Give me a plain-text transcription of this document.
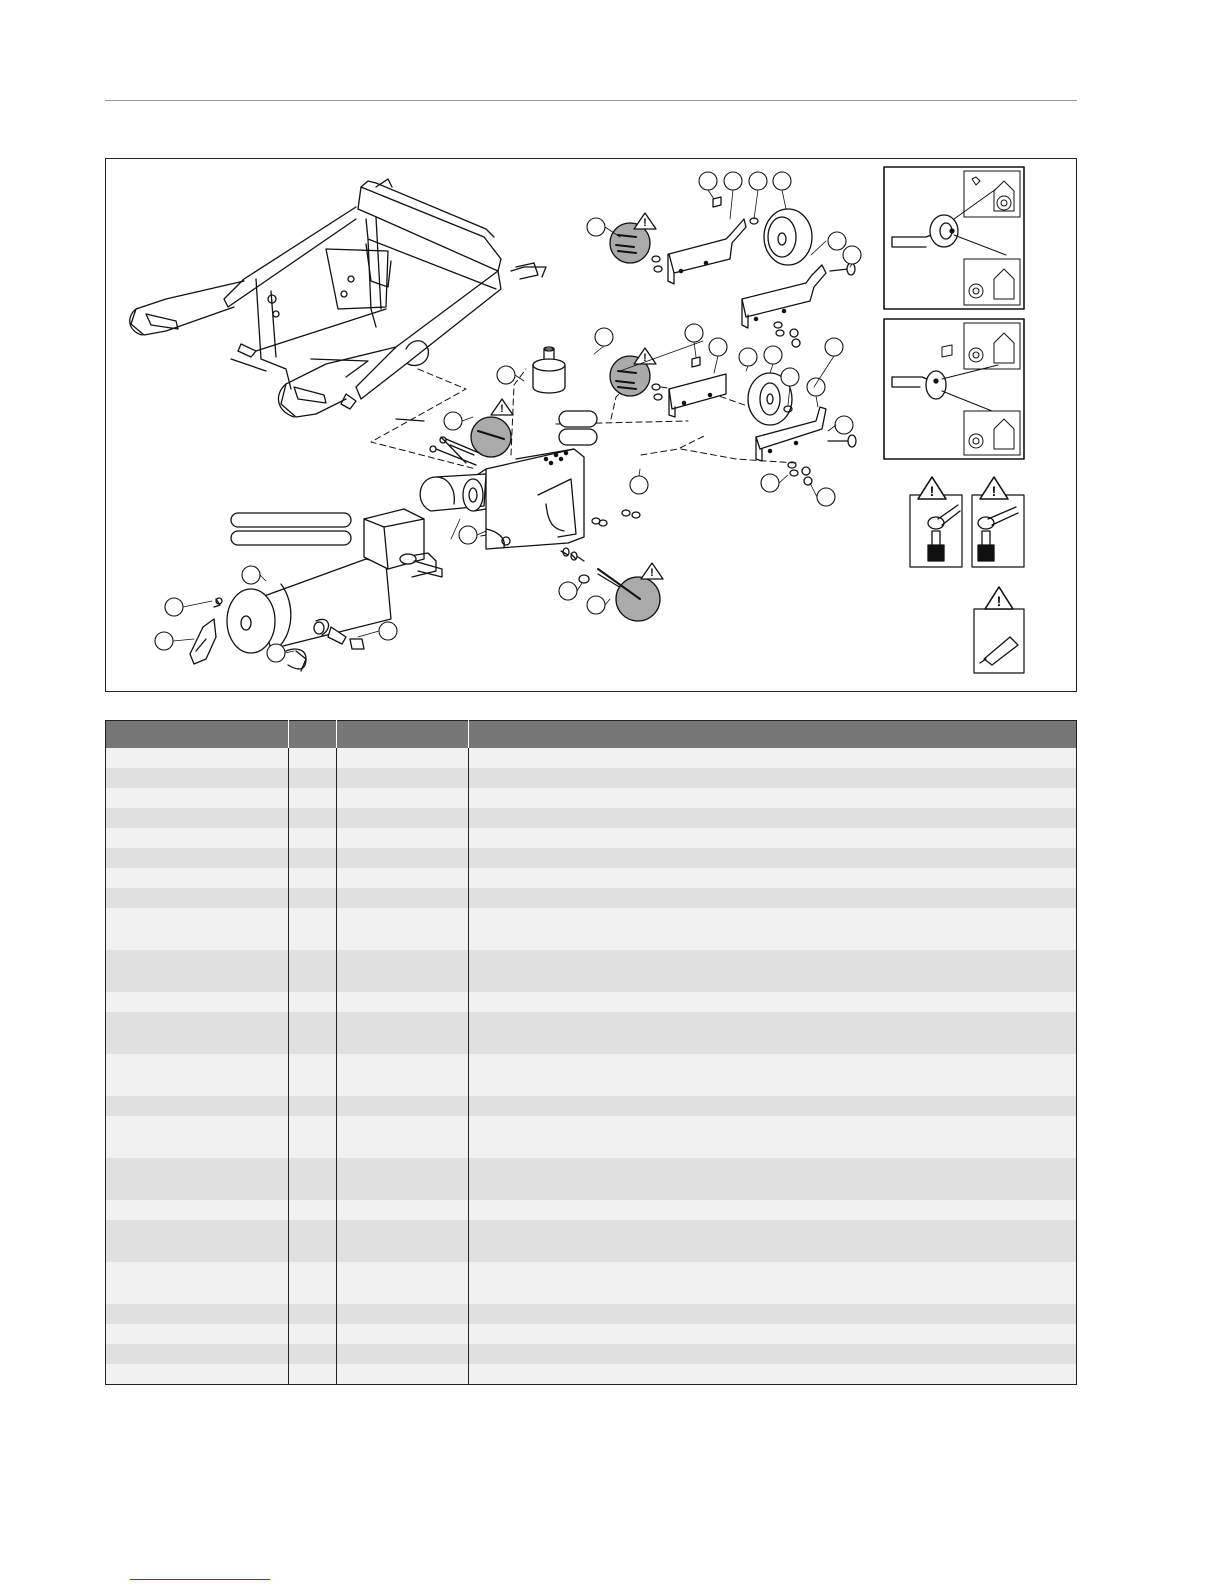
!
!
!
!
!	!
!
